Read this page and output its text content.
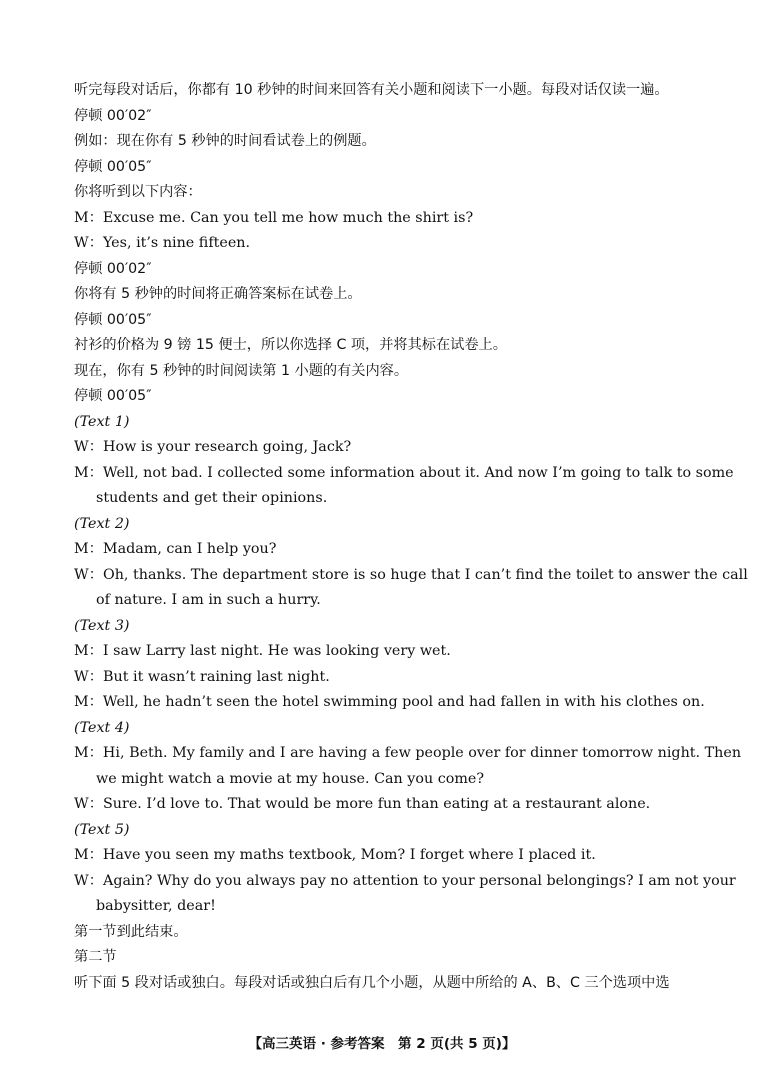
听完每段对话后，你都有 10 秒钟的时间来回答有关小题和阅读下一小题。每段对话仅读一遍。
停顿 00′02″
例如：现在你有 5 秒钟的时间看试卷上的例题。
停顿 00′05″
你将听到以下内容：
M：Excuse me. Can you tell me how much the shirt is?
W：Yes, it’s nine fifteen.
停顿 00′02″
你将有 5 秒钟的时间将正确答案标在试卷上。
停顿 00′05″
衬衫的价格为 9 镑 15 便士，所以你选择 C 项，并将其标在试卷上。
现在，你有 5 秒钟的时间阅读第 1 小题的有关内容。
停顿 00′05″
(Text 1)
W：How is your research going, Jack?
M：Well, not bad. I collected some information about it. And now I’m going to talk to some
students and get their opinions.
(Text 2)
M：Madam, can I help you?
W：Oh, thanks. The department store is so huge that I can’t find the toilet to answer the call
of nature. I am in such a hurry.
(Text 3)
M：I saw Larry last night. He was looking very wet.
W：But it wasn’t raining last night.
M：Well, he hadn’t seen the hotel swimming pool and had fallen in with his clothes on.
(Text 4)
M：Hi, Beth. My family and I are having a few people over for dinner tomorrow night. Then
we might watch a movie at my house. Can you come?
W：Sure. I’d love to. That would be more fun than eating at a restaurant alone.
(Text 5)
M：Have you seen my maths textbook, Mom? I forget where I placed it.
W：Again? Why do you always pay no attention to your personal belongings? I am not your
babysitter, dear!
第一节到此结束。
第二节
听下面 5 段对话或独白。每段对话或独白后有几个小题，从题中所给的 A、B、C 三个选项中选
【高三英语 · 参考答案　第 2 页(共 5 页)】
